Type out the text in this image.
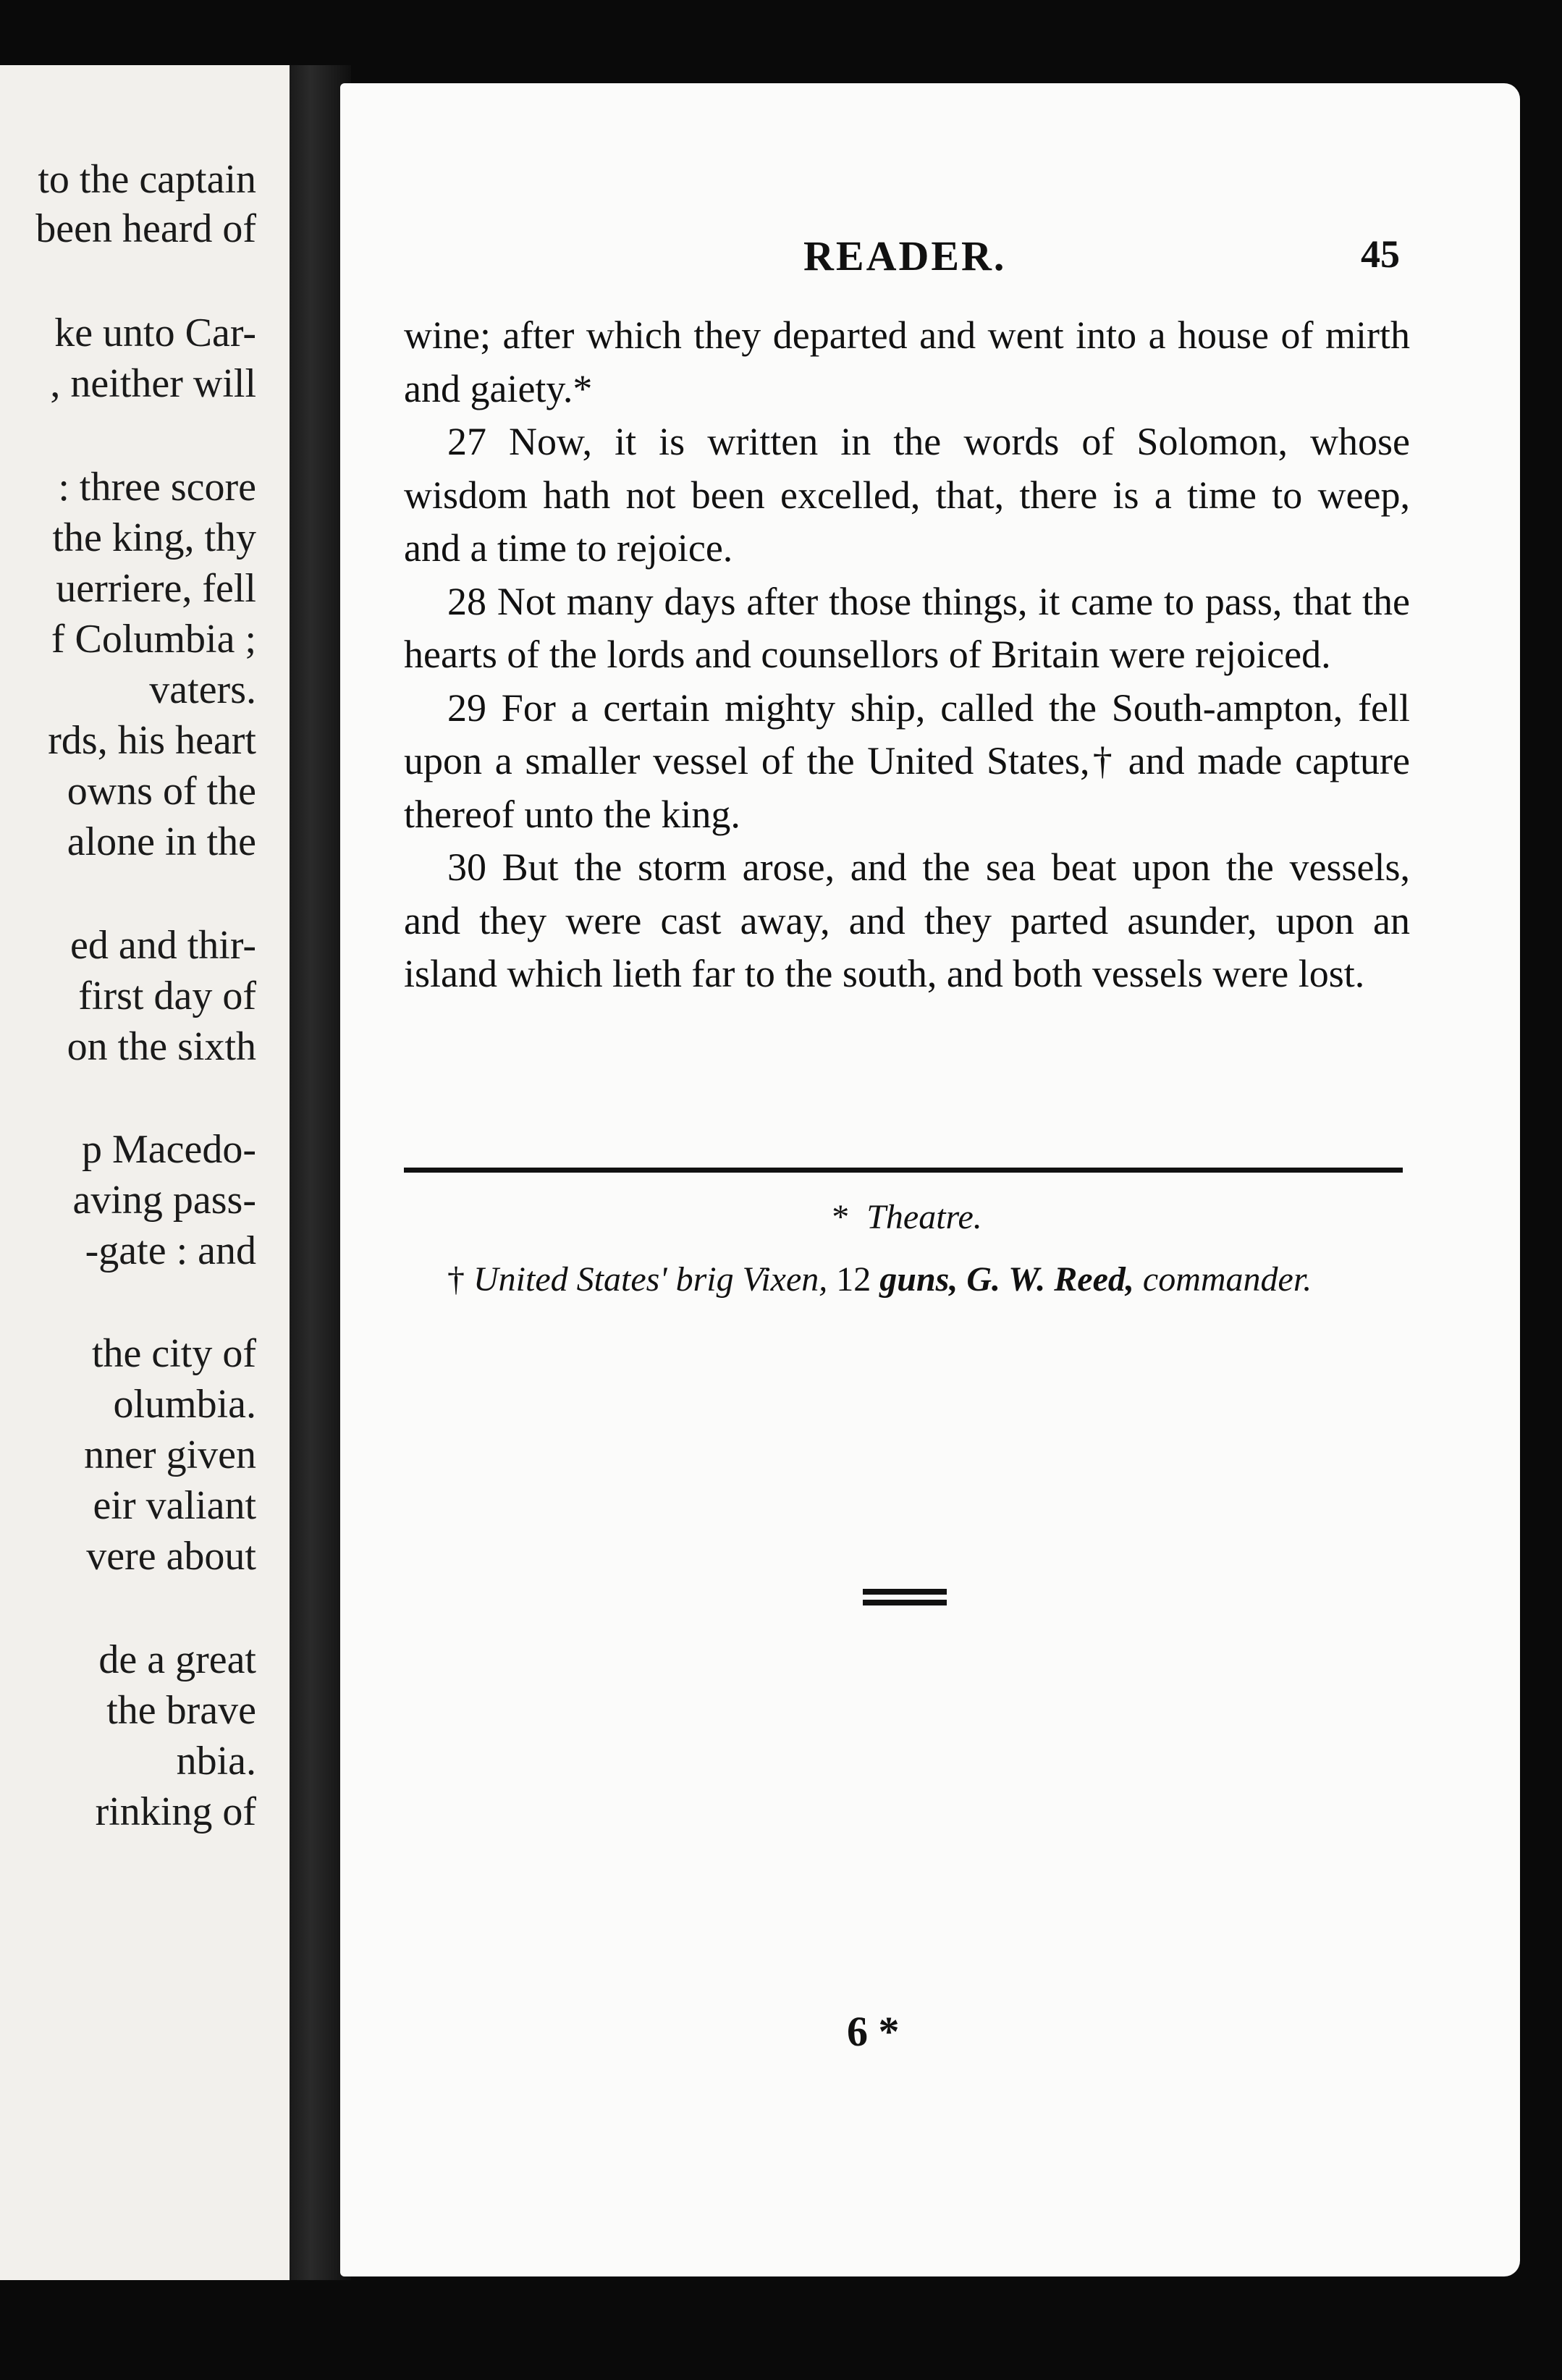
to the captain
been heard of
ke unto Car-
, neither will
: three score
the king, thy
uerriere, fell
f Columbia ;
vaters.
rds, his heart
owns of the
alone in the
ed and thir-
first day of
on the sixth
p Macedo-
aving pass-
-gate : and
the city of
olumbia.
nner given
eir valiant
vere about
de a great
the brave
nbia.
rinking of
READER.	45

wine; after which they departed and went into a house of mirth and gaiety.*

27 Now, it is written in the words of Solomon, whose wisdom hath not been excelled, that, there is a time to weep, and a time to rejoice.

28 Not many days after those things, it came to pass, that the hearts of the lords and counsellors of Britain were rejoiced.

29 For a certain mighty ship, called the South-ampton, fell upon a smaller vessel of the United States,† and made capture thereof unto the king.

30 But the storm arose, and the sea beat upon the vessels, and they were cast away, and they parted asunder, upon an island which lieth far to the south, and both vessels were lost.

* Theatre.

† United States' brig Vixen, 12 guns, G. W. Reed, commander.

6 *
